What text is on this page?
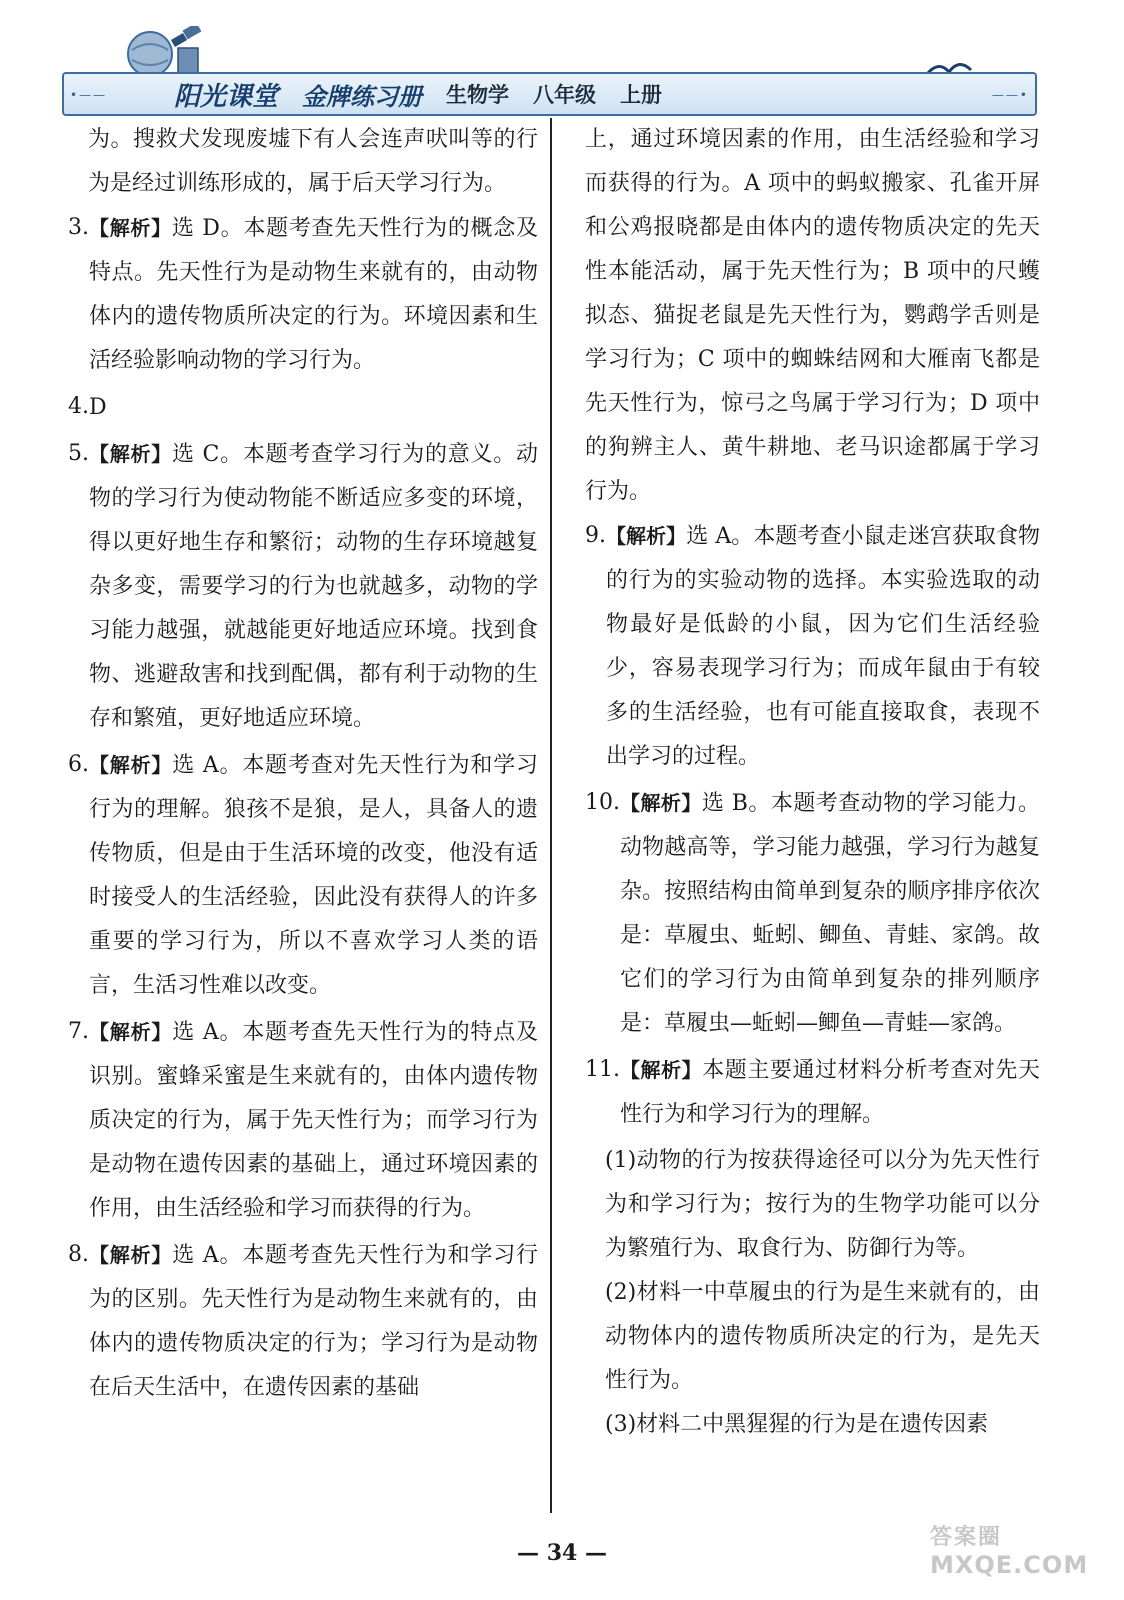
•——	——•
阳光课堂 金牌练习册 生物学 八年级 上册

为。搜救犬发现废墟下有人会连声吠叫等的行为是经过训练形成的，属于后天学习行为。

3. 【解析】选 D。本题考查先天性行为的概念及特点。先天性行为是动物生来就有的，由动物体内的遗传物质所决定的行为。环境因素和生活经验影响动物的学习行为。
4. D
5. 【解析】选 C。本题考查学习行为的意义。动物的学习行为使动物能不断适应多变的环境，得以更好地生存和繁衍；动物的生存环境越复杂多变，需要学习的行为也就越多，动物的学习能力越强，就越能更好地适应环境。找到食物、逃避敌害和找到配偶，都有利于动物的生存和繁殖，更好地适应环境。
6. 【解析】选 A。本题考查对先天性行为和学习行为的理解。狼孩不是狼，是人，具备人的遗传物质，但是由于生活环境的改变，他没有适时接受人的生活经验，因此没有获得人的许多重要的学习行为，所以不喜欢学习人类的语言，生活习性难以改变。
7. 【解析】选 A。本题考查先天性行为的特点及识别。蜜蜂采蜜是生来就有的，由体内遗传物质决定的行为，属于先天性行为；而学习行为是动物在遗传因素的基础上，通过环境因素的作用，由生活经验和学习而获得的行为。
8. 【解析】选 A。本题考查先天性行为和学习行为的区别。先天性行为是动物生来就有的，由体内的遗传物质决定的行为；学习行为是动物在后天生活中，在遗传因素的基础

上，通过环境因素的作用，由生活经验和学习而获得的行为。A 项中的蚂蚁搬家、孔雀开屏和公鸡报晓都是由体内的遗传物质决定的先天性本能活动，属于先天性行为；B 项中的尺蠖拟态、猫捉老鼠是先天性行为，鹦鹉学舌则是学习行为；C 项中的蜘蛛结网和大雁南飞都是先天性行为，惊弓之鸟属于学习行为；D 项中的狗辨主人、黄牛耕地、老马识途都属于学习行为。

9. 【解析】选 A。本题考查小鼠走迷宫获取食物的行为的实验动物的选择。本实验选取的动物最好是低龄的小鼠，因为它们生活经验少，容易表现学习行为；而成年鼠由于有较多的生活经验，也有可能直接取食，表现不出学习的过程。
10. 【解析】选 B。本题考查动物的学习能力。动物越高等，学习能力越强，学习行为越复杂。按照结构由简单到复杂的顺序排序依次是：草履虫、蚯蚓、鲫鱼、青蛙、家鸽。故它们的学习行为由简单到复杂的排列顺序是：草履虫—蚯蚓—鲫鱼—青蛙—家鸽。
11. 【解析】本题主要通过材料分析考查对先天性行为和学习行为的理解。

(1)动物的行为按获得途径可以分为先天性行为和学习行为；按行为的生物学功能可以分为繁殖行为、取食行为、防御行为等。

(2)材料一中草履虫的行为是生来就有的，由动物体内的遗传物质所决定的行为，是先天性行为。

(3)材料二中黑猩猩的行为是在遗传因素

— 34 —
答案圈
MXQE.COM
